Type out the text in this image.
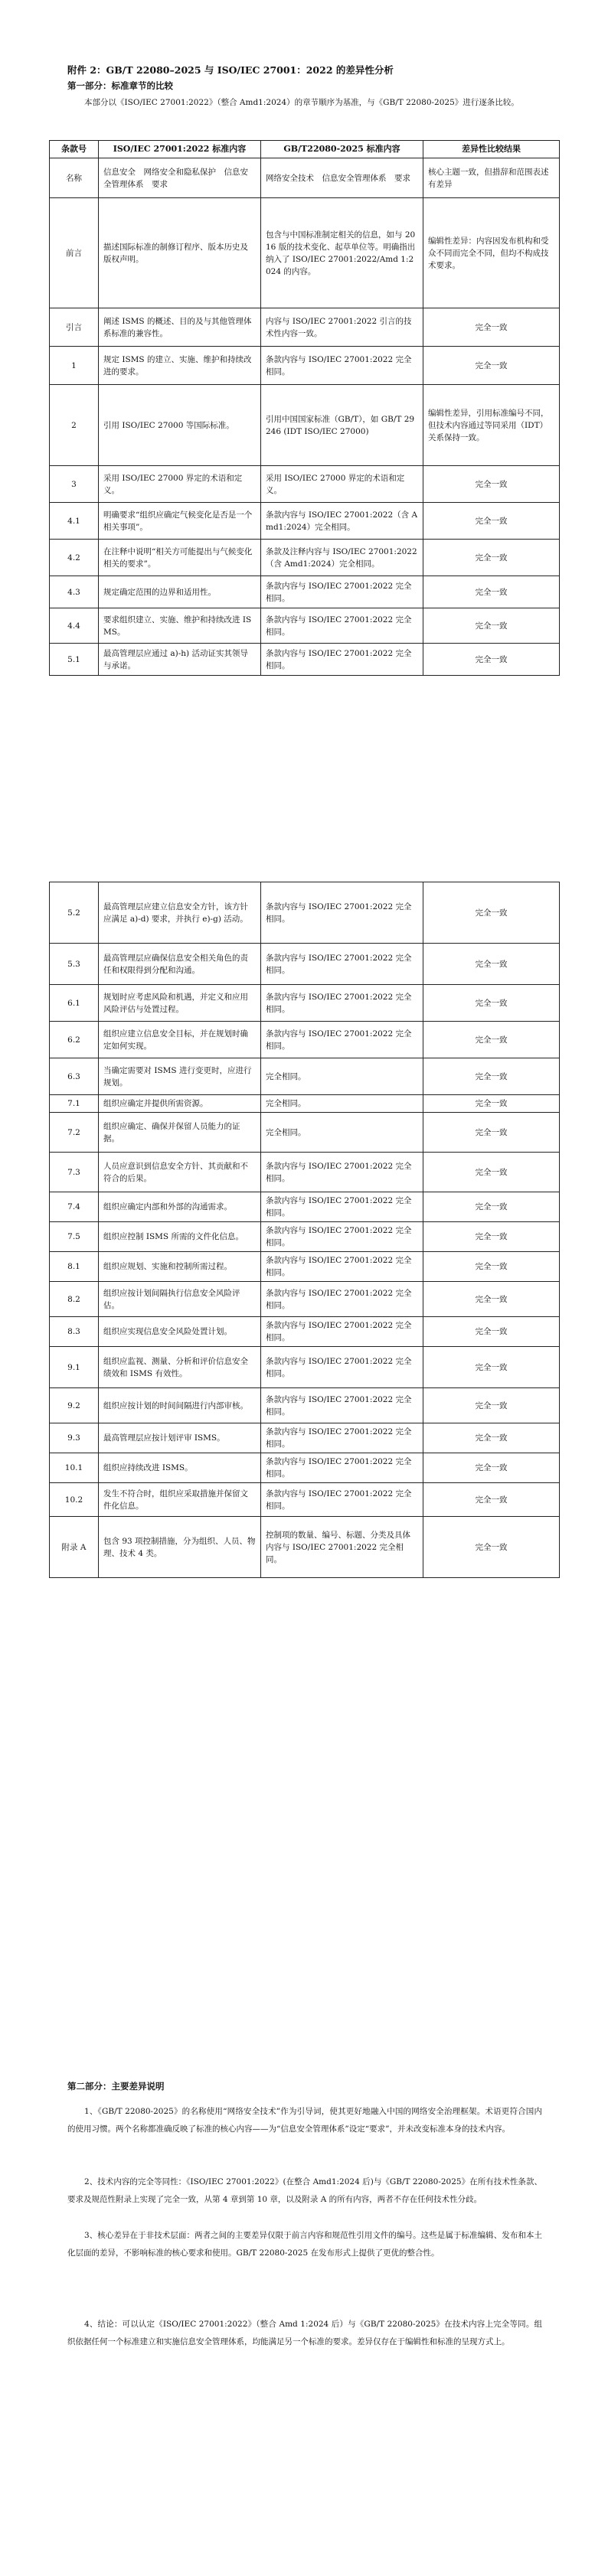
附件 2：GB/T 22080–2025 与 ISO/IEC 27001：2022 的差异性分析
第一部分：标准章节的比较
本部分以《ISO/IEC 27001:2022》（整合 Amd1:2024）的章节顺序为基准，与《GB/T 22080-2025》进行逐条比较。
条款号	ISO/IEC 27001:2022 标准内容	GB/T22080-2025 标准内容	差异性比较结果
名称	信息安全　网络安全和隐私保护　信息安全管理体系　要求	网络安全技术　信息安全管理体系　要求	核心主题一致，但措辞和范围表述有差异
前言	描述国际标准的制修订程序、版本历史及版权声明。	包含与中国标准制定相关的信息，如与 2016 版的技术变化、起草单位等。明确指出纳入了 ISO/IEC 27001:2022/Amd 1:2024 的内容。	编辑性差异：内容因发布机构和受众不同而完全不同，但均不构成技术要求。
引言	阐述 ISMS 的概述、目的及与其他管理体系标准的兼容性。	内容与 ISO/IEC 27001:2022 引言的技术性内容一致。	完全一致
1	规定 ISMS 的建立、实施、维护和持续改进的要求。	条款内容与 ISO/IEC 27001:2022 完全相同。	完全一致
2	引用 ISO/IEC 27000 等国际标准。	引用中国国家标准（GB/T），如 GB/T 29246 (IDT ISO/IEC 27000)	编辑性差异，引用标准编号不同，但技术内容通过等同采用（IDT）关系保持一致。
3	采用 ISO/IEC 27000 界定的术语和定义。	采用 ISO/IEC 27000 界定的术语和定义。	完全一致
4.1	明确要求“组织应确定气候变化是否是一个相关事项”。	条款内容与 ISO/IEC 27001:2022（含 Amd1:2024）完全相同。	完全一致
4.2	在注释中说明“相关方可能提出与气候变化相关的要求”。	条款及注释内容与 ISO/IEC 27001:2022（含 Amd1:2024）完全相同。	完全一致
4.3	规定确定范围的边界和适用性。	条款内容与 ISO/IEC 27001:2022 完全相同。	完全一致
4.4	要求组织建立、实施、维护和持续改进 ISMS。	条款内容与 ISO/IEC 27001:2022 完全相同。	完全一致
5.1	最高管理层应通过 a)-h) 活动证实其领导与承诺。	条款内容与 ISO/IEC 27001:2022 完全相同。	完全一致
5.2	最高管理层应建立信息安全方针，该方针应满足 a)-d) 要求，并执行 e)-g) 活动。	条款内容与 ISO/IEC 27001:2022 完全相同。	完全一致
5.3	最高管理层应确保信息安全相关角色的责任和权限得到分配和沟通。	条款内容与 ISO/IEC 27001:2022 完全相同。	完全一致
6.1	规划时应考虑风险和机遇，并定义和应用风险评估与处置过程。	条款内容与 ISO/IEC 27001:2022 完全相同。	完全一致
6.2	组织应建立信息安全目标，并在规划时确定如何实现。	条款内容与 ISO/IEC 27001:2022 完全相同。	完全一致
6.3	当确定需要对 ISMS 进行变更时，应进行规划。	完全相同。	完全一致
7.1	组织应确定并提供所需资源。	完全相同。	完全一致
7.2	组织应确定、确保并保留人员能力的证据。	完全相同。	完全一致
7.3	人员应意识到信息安全方针、其贡献和不符合的后果。	条款内容与 ISO/IEC 27001:2022 完全相同。	完全一致
7.4	组织应确定内部和外部的沟通需求。	条款内容与 ISO/IEC 27001:2022 完全相同。	完全一致
7.5	组织应控制 ISMS 所需的文件化信息。	条款内容与 ISO/IEC 27001:2022 完全相同。	完全一致
8.1	组织应规划、实施和控制所需过程。	条款内容与 ISO/IEC 27001:2022 完全相同。	完全一致
8.2	组织应按计划间隔执行信息安全风险评估。	条款内容与 ISO/IEC 27001:2022 完全相同。	完全一致
8.3	组织应实现信息安全风险处置计划。	条款内容与 ISO/IEC 27001:2022 完全相同。	完全一致
9.1	组织应监视、测量、分析和评价信息安全绩效和 ISMS 有效性。	条款内容与 ISO/IEC 27001:2022 完全相同。	完全一致
9.2	组织应按计划的时间间隔进行内部审核。	条款内容与 ISO/IEC 27001:2022 完全相同。	完全一致
9.3	最高管理层应按计划评审 ISMS。	条款内容与 ISO/IEC 27001:2022 完全相同。	完全一致
10.1	组织应持续改进 ISMS。	条款内容与 ISO/IEC 27001:2022 完全相同。	完全一致
10.2	发生不符合时，组织应采取措施并保留文件化信息。	条款内容与 ISO/IEC 27001:2022 完全相同。	完全一致
附录 A	包含 93 项控制措施，分为组织、人员、物理、技术 4 类。	控制项的数量、编号、标题、分类及具体内容与 ISO/IEC 27001:2022 完全相同。	完全一致
第二部分：主要差异说明
1、《GB/T 22080-2025》的名称使用“网络安全技术”作为引导词，使其更好地融入中国的网络安全治理框架。术语更符合国内的使用习惯。两个名称都准确反映了标准的核心内容——为“信息安全管理体系”设定“要求”，并未改变标准本身的技术内容。
2、技术内容的完全等同性：《ISO/IEC 27001:2022》(在整合 Amd1:2024 后)与《GB/T 22080-2025》在所有技术性条款、要求及规范性附录上实现了完全一致，从第 4 章到第 10 章，以及附录 A 的所有内容，两者不存在任何技术性分歧。
3、核心差异在于非技术层面：两者之间的主要差异仅限于前言内容和规范性引用文件的编号。这些是属于标准编辑、发布和本土化层面的差异，不影响标准的核心要求和使用。GB/T 22080-2025 在发布形式上提供了更优的整合性。
4、结论：可以认定《ISO/IEC 27001:2022》（整合 Amd 1:2024 后）与《GB/T 22080-2025》在技术内容上完全等同。组织依据任何一个标准建立和实施信息安全管理体系，均能满足另一个标准的要求。差异仅存在于编辑性和标准的呈现方式上。
